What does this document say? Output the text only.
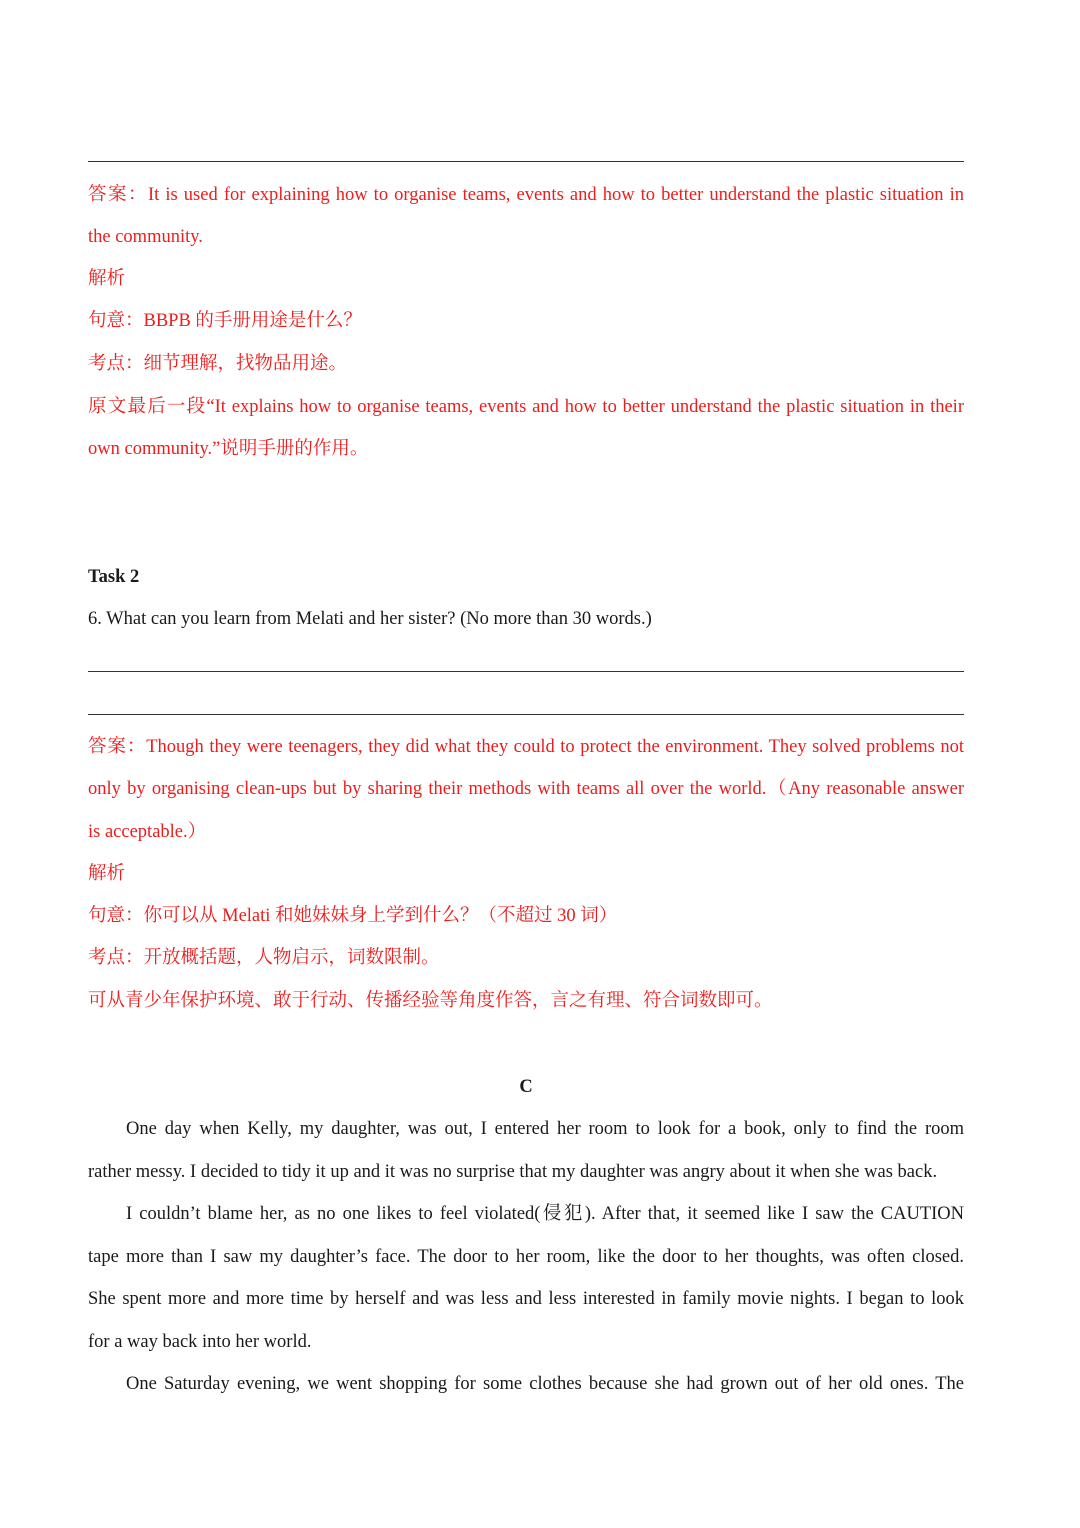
答案：It is used for explaining how to organise teams, events and how to better understand the plastic situation in
the community.
解析
句意：BBPB 的手册用途是什么？
考点：细节理解，找物品用途。
原文最后一段“It explains how to organise teams, events and how to better understand the plastic situation in their
own community.”说明手册的作用。
Task 2
6. What can you learn from Melati and her sister? (No more than 30 words.)
答案：Though they were teenagers, they did what they could to protect the environment. They solved problems not
only by organising clean-ups but by sharing their methods with teams all over the world.（Any reasonable answer
is acceptable.）
解析
句意：你可以从 Melati 和她妹妹身上学到什么？（不超过 30 词）
考点：开放概括题，人物启示，词数限制。
可从青少年保护环境、敢于行动、传播经验等角度作答，言之有理、符合词数即可。
C
One day when Kelly, my daughter, was out, I entered her room to look for a book, only to find the room
rather messy. I decided to tidy it up and it was no surprise that my daughter was angry about it when she was back.
I couldn’t blame her, as no one likes to feel violated(侵犯). After that, it seemed like I saw the CAUTION
tape more than I saw my daughter’s face. The door to her room, like the door to her thoughts, was often closed.
She spent more and more time by herself and was less and less interested in family movie nights. I began to look
for a way back into her world.
One Saturday evening, we went shopping for some clothes because she had grown out of her old ones. The
